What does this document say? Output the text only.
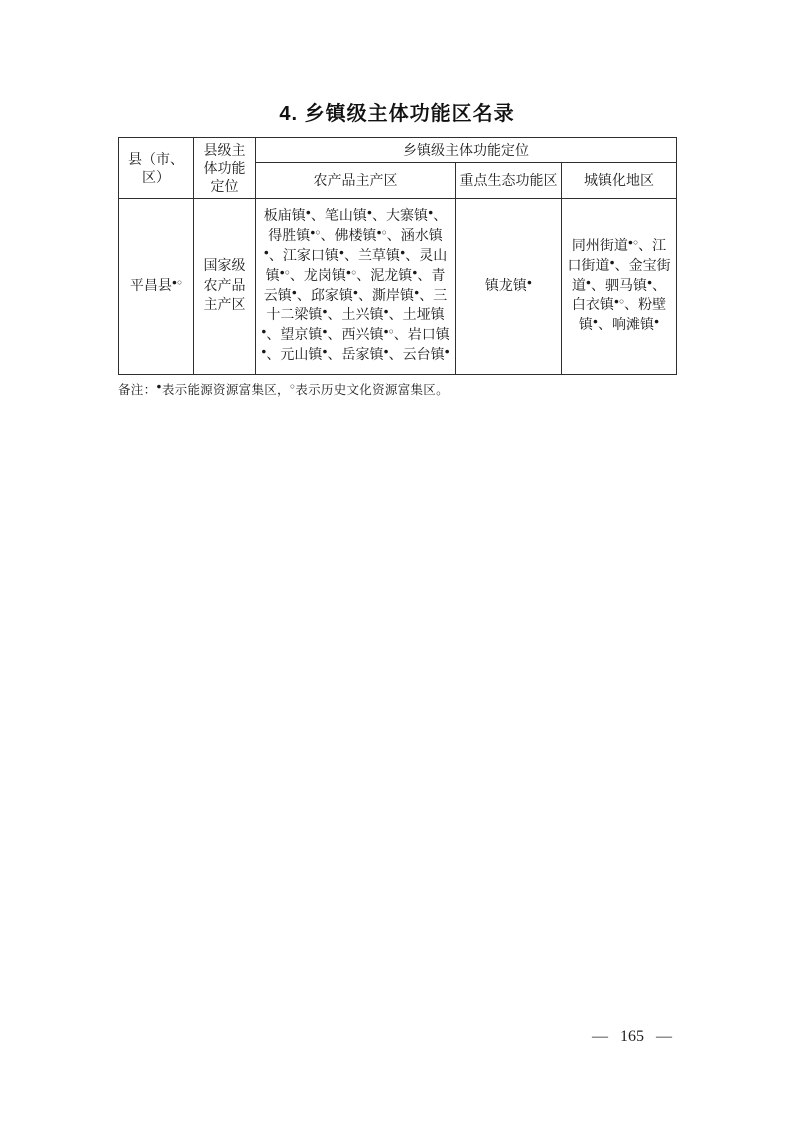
4. 乡镇级主体功能区名录
县（市、区）	县级主体功能定位	乡镇级主体功能定位		
		农产品主产区	重点生态功能区	城镇化地区
平昌县●○	国家级农产品主产区	板庙镇●、笔山镇●、大寨镇●、得胜镇●○、佛楼镇●○、涵水镇●、江家口镇●、兰草镇●、灵山镇●○、龙岗镇●○、泥龙镇●、青云镇●、邱家镇●、澌岸镇●、三十二梁镇●、土兴镇●、土垭镇●、望京镇●、西兴镇●○、岩口镇●、元山镇●、岳家镇●、云台镇●	镇龙镇●	同州街道●○、江口街道●、金宝街道●、驷马镇●、白衣镇●○、粉壁镇●、响滩镇●

备注：●表示能源资源富集区，○表示历史文化资源富集区。

— 165 —
